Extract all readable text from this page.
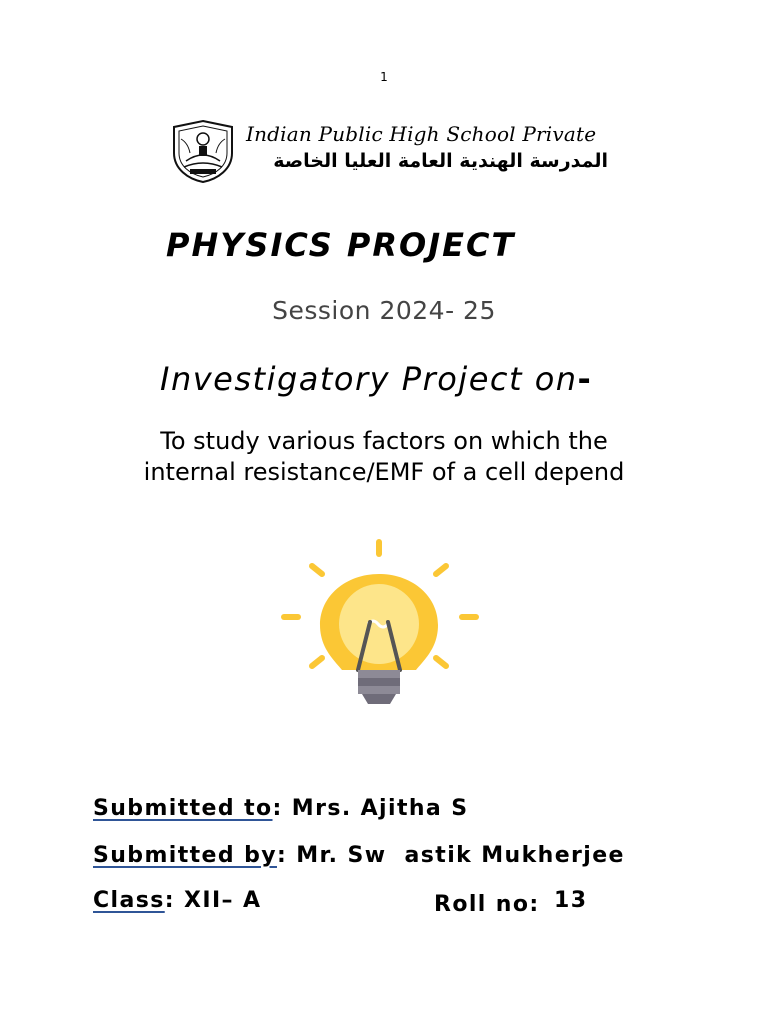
1
Indian Public High School Private
المدرسة الهندية العامة العليا الخاصة
PHYSICS PROJECT
Session 2024- 25
Investigatory Project on-
To study various factors on which the
internal resistance/EMF of a cell depend
Submitted to: Mrs. Ajitha S
Submitted by: Mr. Sw  astik Mukherjee
Class: XII– A	Roll no: 13
